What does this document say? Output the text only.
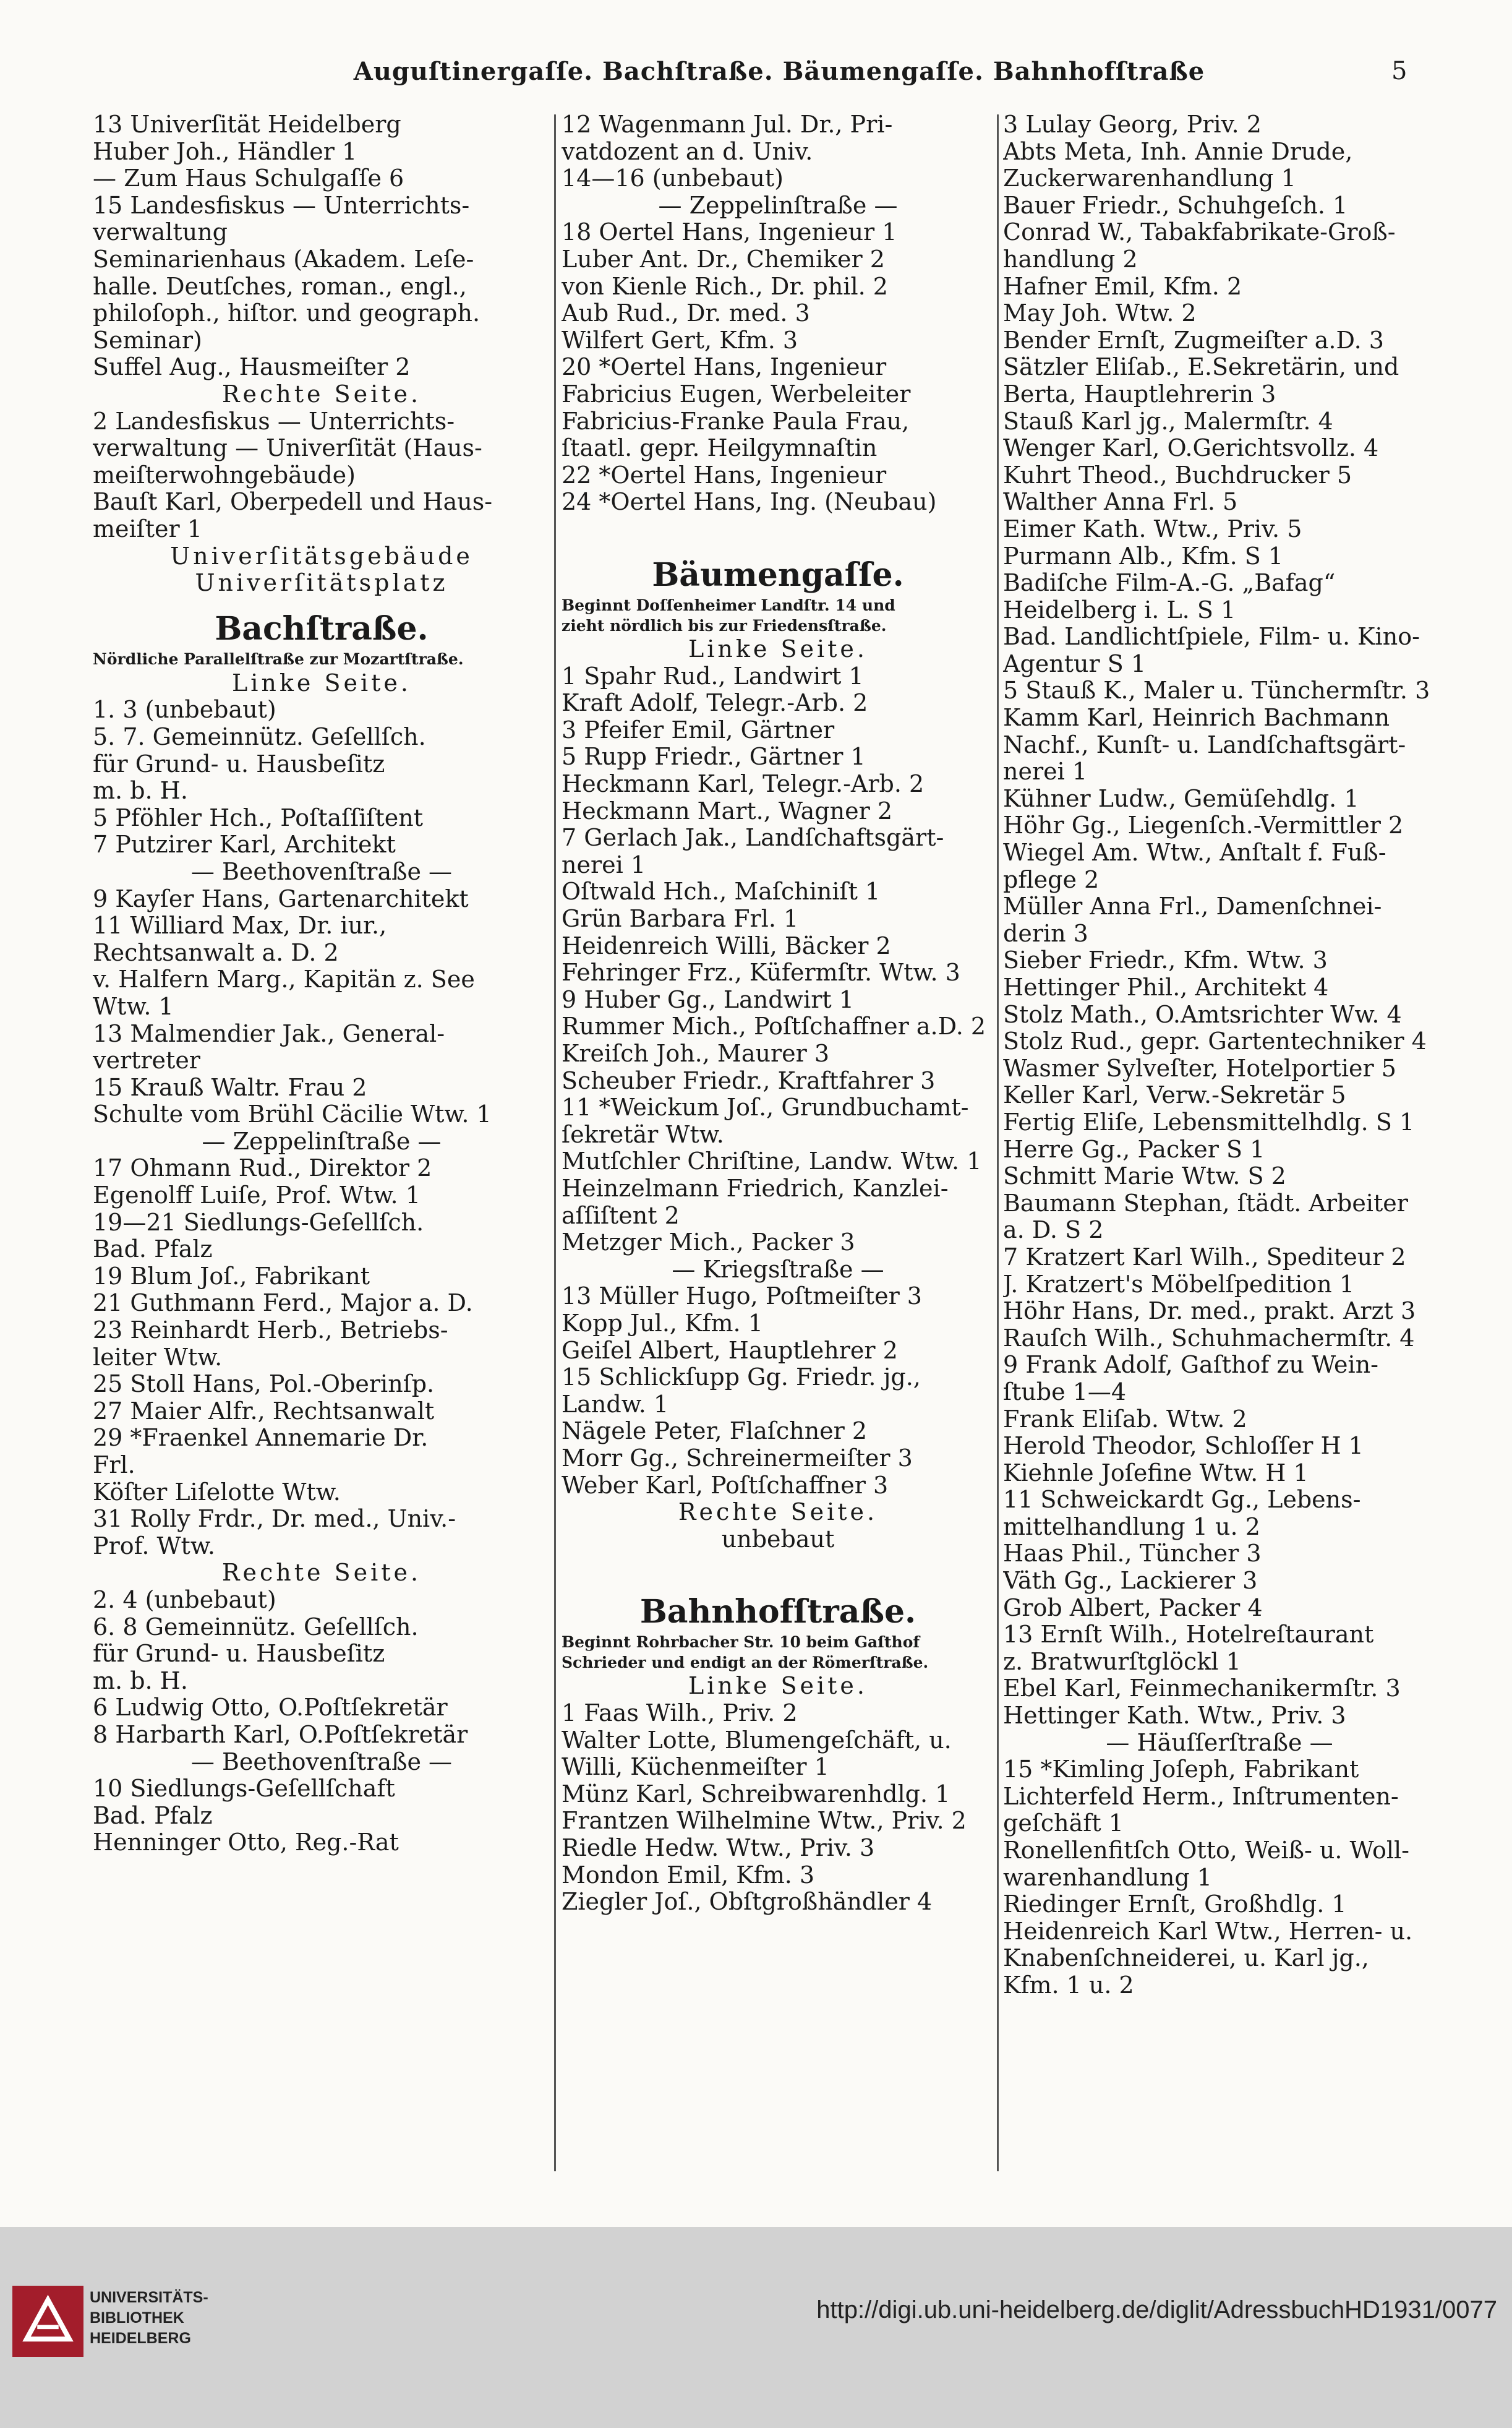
Auguſtinergaſſe. Bachſtraße. Bäumengaſſe. Bahnhofſtraße	5
13 Univerſität Heidelberg
Huber Joh., Händler 1
— Zum Haus Schulgaſſe 6
15 Landesfiskus — Unterrichts-
verwaltung
Seminarienhaus (Akadem. Leſe-
halle. Deutſches, roman., engl.,
philoſoph., hiſtor. und geograph.
Seminar)
Suffel Aug., Hausmeiſter 2
Rechte Seite.
2 Landesfiskus — Unterrichts-
verwaltung — Univerſität (Haus-
meiſterwohngebäude)
Bauſt Karl, Oberpedell und Haus-
meiſter 1
Univerſitätsgebäude
Univerſitätsplatz
Bachſtraße.
Nördliche Parallelſtraße zur Mozartſtraße.
Linke Seite.
1. 3 (unbebaut)
5. 7. Gemeinnütz. Geſellſch.
für Grund- u. Hausbeſitz
m. b. H.
5 Pföhler Hch., Poſtaſſiſtent
7 Putzirer Karl, Architekt
— Beethovenſtraße —
9 Kayſer Hans, Gartenarchitekt
11 Williard Max, Dr. iur.,
Rechtsanwalt a. D. 2
v. Halfern Marg., Kapitän z. See
Wtw. 1
13 Malmendier Jak., General-
vertreter
15 Krauß Waltr. Frau 2
Schulte vom Brühl Cäcilie Wtw. 1
— Zeppelinſtraße —
17 Ohmann Rud., Direktor 2
Egenolff Luiſe, Prof. Wtw. 1
19—21 Siedlungs-Geſellſch.
Bad. Pfalz
19 Blum Joſ., Fabrikant
21 Guthmann Ferd., Major a. D.
23 Reinhardt Herb., Betriebs-
leiter Wtw.
25 Stoll Hans, Pol.-Oberinſp.
27 Maier Alfr., Rechtsanwalt
29 *Fraenkel Annemarie Dr.
Frl.
Köſter Liſelotte Wtw.
31 Rolly Frdr., Dr. med., Univ.-
Prof. Wtw.
Rechte Seite.
2. 4 (unbebaut)
6. 8 Gemeinnütz. Geſellſch.
für Grund- u. Hausbeſitz
m. b. H.
6 Ludwig Otto, O.Poſtſekretär
8 Harbarth Karl, O.Poſtſekretär
— Beethovenſtraße —
10 Siedlungs-Geſellſchaft
Bad. Pfalz
Henninger Otto, Reg.-Rat
12 Wagenmann Jul. Dr., Pri-
vatdozent an d. Univ.
14—16 (unbebaut)
— Zeppelinſtraße —
18 Oertel Hans, Ingenieur 1
Luber Ant. Dr., Chemiker 2
von Kienle Rich., Dr. phil. 2
Aub Rud., Dr. med. 3
Wilfert Gert, Kfm. 3
20 *Oertel Hans, Ingenieur
Fabricius Eugen, Werbeleiter
Fabricius-Franke Paula Frau,
ſtaatl. gepr. Heilgymnaſtin
22 *Oertel Hans, Ingenieur
24 *Oertel Hans, Ing. (Neubau)

Bäumengaſſe.
Beginnt Doſſenheimer Landſtr. 14 und
zieht nördlich bis zur Friedensſtraße.
Linke Seite.
1 Spahr Rud., Landwirt 1
Kraft Adolf, Telegr.-Arb. 2
3 Pfeifer Emil, Gärtner
5 Rupp Friedr., Gärtner 1
Heckmann Karl, Telegr.-Arb. 2
Heckmann Mart., Wagner 2
7 Gerlach Jak., Landſchaftsgärt-
nerei 1
Oſtwald Hch., Maſchiniſt 1
Grün Barbara Frl. 1
Heidenreich Willi, Bäcker 2
Fehringer Frz., Küfermſtr. Wtw. 3
9 Huber Gg., Landwirt 1
Rummer Mich., Poſtſchaffner a.D. 2
Kreiſch Joh., Maurer 3
Scheuber Friedr., Kraftfahrer 3
11 *Weickum Joſ., Grundbuchamt-
ſekretär Wtw.
Mutſchler Chriſtine, Landw. Wtw. 1
Heinzelmann Friedrich, Kanzlei-
aſſiſtent 2
Metzger Mich., Packer 3
— Kriegsſtraße —
13 Müller Hugo, Poſtmeiſter 3
Kopp Jul., Kfm. 1
Geiſel Albert, Hauptlehrer 2
15 Schlickſupp Gg. Friedr. jg.,
Landw. 1
Nägele Peter, Flaſchner 2
Morr Gg., Schreinermeiſter 3
Weber Karl, Poſtſchaffner 3
Rechte Seite.
unbebaut

Bahnhofſtraße.
Beginnt Rohrbacher Str. 10 beim Gaſthof
Schrieder und endigt an der Römerſtraße.
Linke Seite.
1 Faas Wilh., Priv. 2
Walter Lotte, Blumengeſchäft, u.
Willi, Küchenmeiſter 1
Münz Karl, Schreibwarenhdlg. 1
Frantzen Wilhelmine Wtw., Priv. 2
Riedle Hedw. Wtw., Priv. 3
Mondon Emil, Kfm. 3
Ziegler Joſ., Obſtgroßhändler 4
3 Lulay Georg, Priv. 2
Abts Meta, Inh. Annie Drude,
Zuckerwarenhandlung 1
Bauer Friedr., Schuhgeſch. 1
Conrad W., Tabakfabrikate-Groß-
handlung 2
Hafner Emil, Kfm. 2
May Joh. Wtw. 2
Bender Ernſt, Zugmeiſter a.D. 3
Sätzler Eliſab., E.Sekretärin, und
Berta, Hauptlehrerin 3
Stauß Karl jg., Malermſtr. 4
Wenger Karl, O.Gerichtsvollz. 4
Kuhrt Theod., Buchdrucker 5
Walther Anna Frl. 5
Eimer Kath. Wtw., Priv. 5
Purmann Alb., Kfm. S 1
Badiſche Film-A.-G. „Bafag“
Heidelberg i. L. S 1
Bad. Landlichtſpiele, Film- u. Kino-
Agentur S 1
5 Stauß K., Maler u. Tünchermſtr. 3
Kamm Karl, Heinrich Bachmann
Nachf., Kunſt- u. Landſchaftsgärt-
nerei 1
Kühner Ludw., Gemüſehdlg. 1
Höhr Gg., Liegenſch.-Vermittler 2
Wiegel Am. Wtw., Anſtalt f. Fuß-
pflege 2
Müller Anna Frl., Damenſchnei-
derin 3
Sieber Friedr., Kfm. Wtw. 3
Hettinger Phil., Architekt 4
Stolz Math., O.Amtsrichter Ww. 4
Stolz Rud., gepr. Gartentechniker 4
Wasmer Sylveſter, Hotelportier 5
Keller Karl, Verw.-Sekretär 5
Fertig Eliſe, Lebensmittelhdlg. S 1
Herre Gg., Packer S 1
Schmitt Marie Wtw. S 2
Baumann Stephan, ſtädt. Arbeiter
a. D. S 2
7 Kratzert Karl Wilh., Spediteur 2
J. Kratzert's Möbelſpedition 1
Höhr Hans, Dr. med., prakt. Arzt 3
Rauſch Wilh., Schuhmachermſtr. 4
9 Frank Adolf, Gaſthof zu Wein-
ſtube 1—4
Frank Eliſab. Wtw. 2
Herold Theodor, Schloſſer H 1
Kiehnle Joſefine Wtw. H 1
11 Schweickardt Gg., Lebens-
mittelhandlung 1 u. 2
Haas Phil., Tüncher 3
Väth Gg., Lackierer 3
Grob Albert, Packer 4
13 Ernſt Wilh., Hotelreſtaurant
z. Bratwurſtglöckl 1
Ebel Karl, Feinmechanikermſtr. 3
Hettinger Kath. Wtw., Priv. 3
— Häuſſerſtraße —
15 *Kimling Joſeph, Fabrikant
Lichterfeld Herm., Inſtrumenten-
geſchäft 1
Ronellenfitſch Otto, Weiß- u. Woll-
warenhandlung 1
Riedinger Ernſt, Großhdlg. 1
Heidenreich Karl Wtw., Herren- u.
Knabenſchneiderei, u. Karl jg.,
Kfm. 1 u. 2
UNIVERSITÄTS-
BIBLIOTHEK
HEIDELBERG
http://digi.ub.uni-heidelberg.de/diglit/AdressbuchHD1931/0077
